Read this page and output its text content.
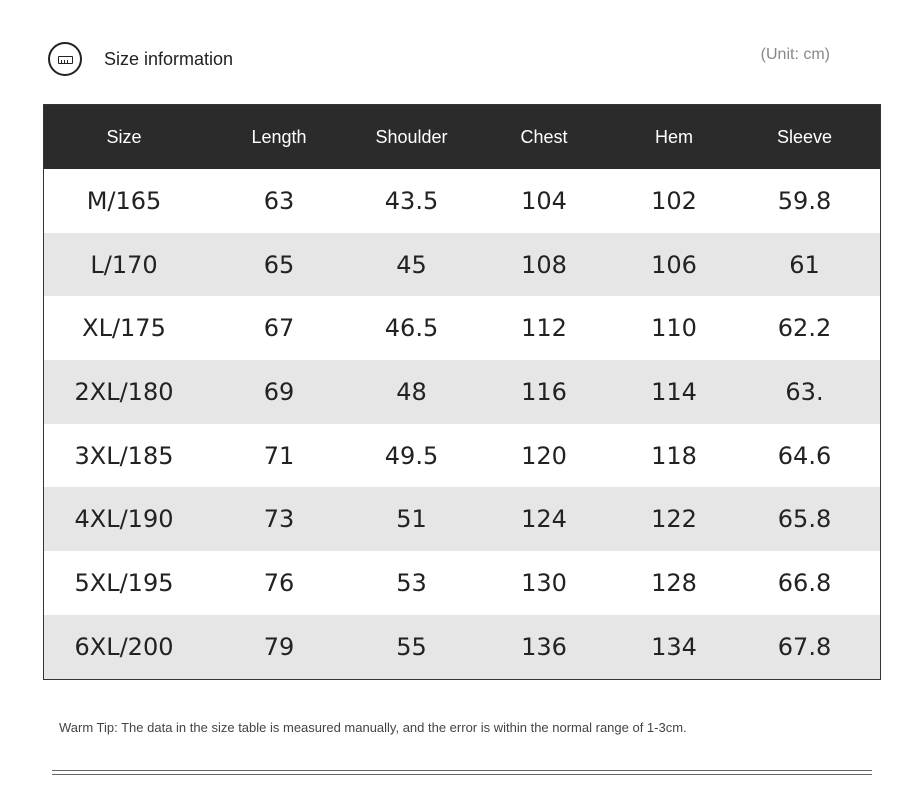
Size information	(Unit: cm)
Size	Length	Shoulder	Chest	Hem	Sleeve
M/165	63	43.5	104	102	59.8
L/170	65	45	108	106	61
XL/175	67	46.5	112	110	62.2
2XL/180	69	48	116	114	63.
3XL/185	71	49.5	120	118	64.6
4XL/190	73	51	124	122	65.8
5XL/195	76	53	130	128	66.8
6XL/200	79	55	136	134	67.8
Warm Tip: The data in the size table is measured manually, and the error is within the normal range of 1-3cm.
